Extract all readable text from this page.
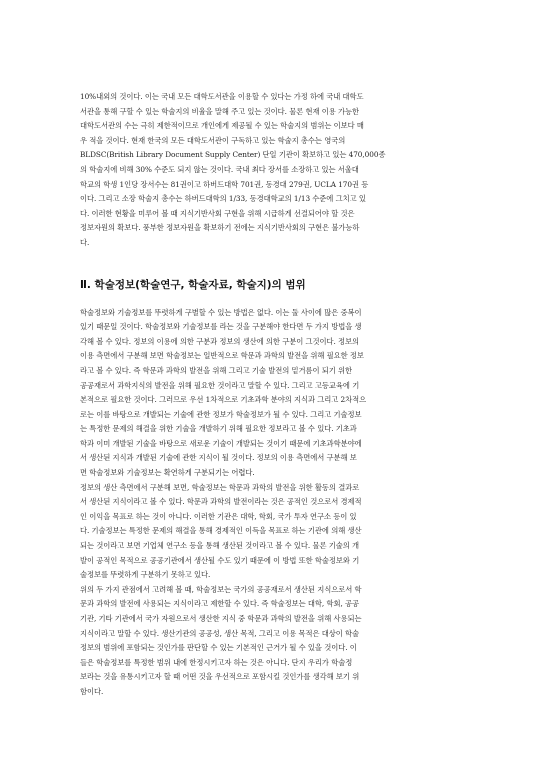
10%내외의 것이다. 이는 국내 모든 대학도서관을 이용할 수 있다는 가정 하에 국내 대학도
서관을 통해 구할 수 있는 학술지의 비율을 말해 주고 있는 것이다. 물론 현재 이용 가능한
대학도서관의 수는 극히 제한적이므로 개인에게 제공될 수 있는 학술지의 범위는 이보다 매
우 적을 것이다. 현재 한국의 모든 대학도서관이 구독하고 있는 학술지 총수는 영국의
BLDSC(British Library Document Supply Center) 단일 기관이 확보하고 있는 470,000종
의 학술지에 비해 30% 수준도 되지 않는 것이다. 국내 최다 장서를 소장하고 있는 서울대
학교의 학생 1인당 장서수는 81권이고 하버드대학 701권, 동경대 279권, UCLA 170권 등
이다. 그리고 소장 학술지 총수는 하버드대학의 1/33, 동경대학교의 1/13 수준에 그치고 있
다. 이러한 현황을 미루어 볼 때 지식기반사회 구현을 위해 시급하게 선결되어야 할 것은
정보자원의 확보다. 풍부한 정보자원을 확보하기 전에는 지식기반사회의 구현은 불가능하
다.

Ⅱ. 학술정보(학술연구, 학술자료, 학술지)의 범위

학술정보와 기술정보를 뚜렷하게 구별할 수 있는 방법은 없다. 이는 둘 사이에 많은 중복이
있기 때문일 것이다. 학술정보와 기술정보를 라는 것을 구분해야 한다면 두 가지 방법을 생
각해 볼 수 있다. 정보의 이용에 의한 구분과 정보의 생산에 의한 구분이 그것이다. 정보의
이용 측면에서 구분해 보면 학술정보는 일반적으로 학문과 과학의 발전을 위해 필요한 정보
라고 볼 수 있다. 즉 학문과 과학의 발전을 위해 그리고 기술 발전의 밑거름이 되기 위한
공공재로서 과학지식의 발전을 위해 필요한 것이라고 말할 수 있다. 그리고 고등교육에 기
본적으로 필요한 것이다. 그러므로 우선 1차적으로 기초과학 분야의 지식과 그리고 2차적으
로는 이를 바탕으로 개발되는 기술에 관한 정보가 학술정보가 될 수 있다. 그리고 기술정보
는 특정한 문제의 해결을 위한 기술을 개발하기 위해 필요한 정보라고 볼 수 있다. 기초과
학과 이미 개발된 기술을 바탕으로 새로운 기술이 개발되는 것이기 때문에 기초과학분야에
서 생산된 지식과 개발된 기술에 관한 지식이 될 것이다. 정보의 이용 측면에서 구분해 보
면 학술정보와 기술정보는 확연하게 구분되기는 어렵다.

정보의 생산 측면에서 구분해 보면, 학술정보는 학문과 과학의 발전을 위한 활동의 결과로
서 생산된 지식이라고 볼 수 있다. 학문과 과학의 발전이라는 것은 공적인 것으로서 경제적
인 이익을 목표로 하는 것이 아니다. 이러한 기관은 대학, 학회, 국가 투자 연구소 등이 있
다. 기술정보는 특정한 문제의 해결을 통해 경제적인 이득을 목표로 하는 기관에 의해 생산
되는 것이라고 보면 기업체 연구소 등을 통해 생산된 것이라고 볼 수 있다. 물론 기술의 개
발이 공적인 목적으로 공공기관에서 생산될 수도 있기 때문에 이 방법 또한 학술정보와 기
술정보를 뚜렷하게 구분하기 못하고 있다.

위의 두 가지 관점에서 고려해 볼 때, 학술정보는 국가의 공공재로서 생산된 지식으로서 학
문과 과학의 발전에 사용되는 지식이라고 제한할 수 있다. 즉 학술정보는 대학, 학회, 공공
기관, 기타 기관에서 국가 자원으로서 생산한 지식 중 학문과 과학의 발전을 위해 사용되는
지식이라고 말할 수 있다. 생산기관의 공공성, 생산 목적, 그리고 이용 목적은 대상이 학술
정보의 범위에 포함되는 것인가를 판단할 수 있는 기본적인 근거가 될 수 있을 것이다. 이
들은 학술정보를 특정한 범위 내에 한정시키고자 하는 것은 아니다. 단지 우리가 학술정
보라는 것을 유통시키고자 할 때 어떤 것을 우선적으로 포함시킬 것인가를 생각해 보기 위
함이다.
